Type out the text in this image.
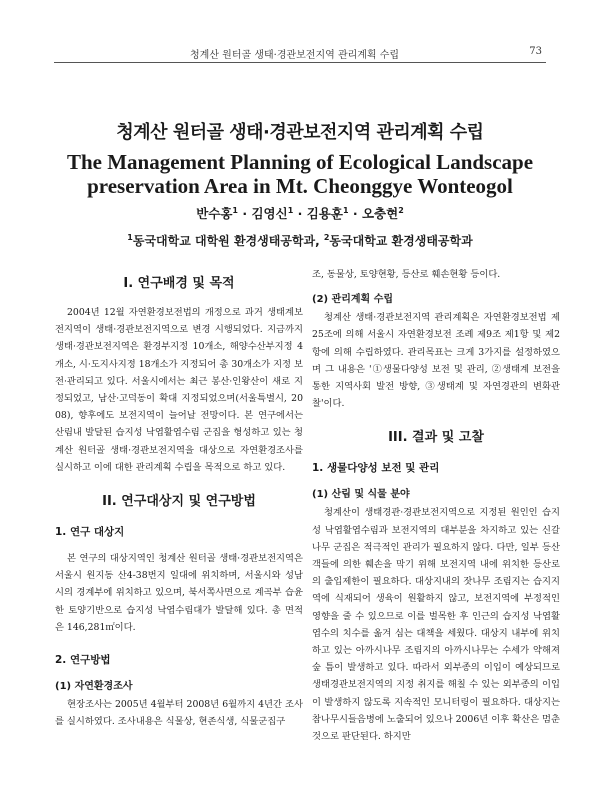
청계산 원터골 생태·경관보전지역 관리계획 수립	73
청계산 원터골 생태·경관보전지역 관리계획 수립
The Management Planning of Ecological Landscape
preservation Area in Mt. Cheonggye Wonteogol
반수홍$^1$ · 김영신$^1$ · 김용훈$^1$ · 오충현$^2$
$^1$동국대학교 대학원 환경생태공학과, $^2$동국대학교 환경생태공학과
I. 연구배경 및 목적

2004년 12월 자연환경보전법의 개정으로 과거 생태계보전지역이 생태·경관보전지역으로 변경 시행되었다. 지금까지 생태·경관보전지역은 환경부지정 10개소, 해양수산부지정 4개소, 시·도지사지정 18개소가 지정되어 총 30개소가 지정 보전·관리되고 있다. 서울시에서는 최근 봉산·인왕산이 새로 지정되었고, 남산·고덕동이 확대 지정되었으며(서울특별시, 2008), 향후에도 보전지역이 늘어날 전망이다. 본 연구에서는 산림내 발달된 습지성 낙엽활엽수림 군집을 형성하고 있는 청계산 원터골 생태·경관보전지역을 대상으로 자연환경조사를 실시하고 이에 대한 관리계획 수립을 목적으로 하고 있다.

II. 연구대상지 및 연구방법
1. 연구 대상지

본 연구의 대상지역인 청계산 원터골 생태·경관보전지역은 서울시 원지동 산4-38번지 일대에 위치하며, 서울시와 성남시의 경계부에 위치하고 있으며, 북서쪽사면으로 계곡부 습윤한 토양기반으로 습지성 낙엽수림대가 발달해 있다. 총 면적은 146,281㎡이다.

2. 연구방법
(1) 자연환경조사

현장조사는 2005년 4월부터 2008년 6월까지 4년간 조사를 실시하였다. 조사내용은 식물상, 현존식생, 식물군집구

조, 동물상, 토양현황, 등산로 훼손현황 등이다.

(2) 관리계획 수립

청계산 생태·경관보전지역 관리계획은 자연환경보전법 제25조에 의해 서울시 자연환경보전 조례 제9조 제1항 및 제2항에 의해 수립하였다. 관리목표는 크게 3가지를 설정하였으며 그 내용은 '①생물다양성 보전 및 관리, ②생태계 보전을 통한 지역사회 발전 방향, ③생태계 및 자연경관의 변화관찰'이다.

III. 결과 및 고찰
1. 생물다양성 보전 및 관리
(1) 산림 및 식물 분야

청계산이 생태경관·경관보전지역으로 지정된 원인인 습지성 낙엽활엽수림과 보전지역의 대부분을 차지하고 있는 신갈나무 군집은 적극적인 관리가 필요하지 않다. 다만, 일부 등산객들에 의한 훼손을 막기 위해 보전지역 내에 위치한 등산로의 출입제한이 필요하다. 대상지내의 잣나무 조림지는 습지지역에 식재되어 생육이 원활하지 않고, 보전지역에 부정적인 영향을 줄 수 있으므로 이를 벌목한 후 인근의 습지성 낙엽활엽수의 치수를 옮겨 심는 대책을 세웠다. 대상지 내부에 위치하고 있는 아까시나무 조림지의 아까시나무는 수세가 약해져 숲 틈이 발생하고 있다. 따라서 외부종의 이입이 예상되므로 생태경관보전지역의 지정 취지를 해칠 수 있는 외부종의 이입이 발생하지 않도록 지속적인 모니터링이 필요하다. 대상지는 참나무시들음병에 노출되어 있으나 2006년 이후 확산은 멈춘 것으로 판단된다. 하지만
